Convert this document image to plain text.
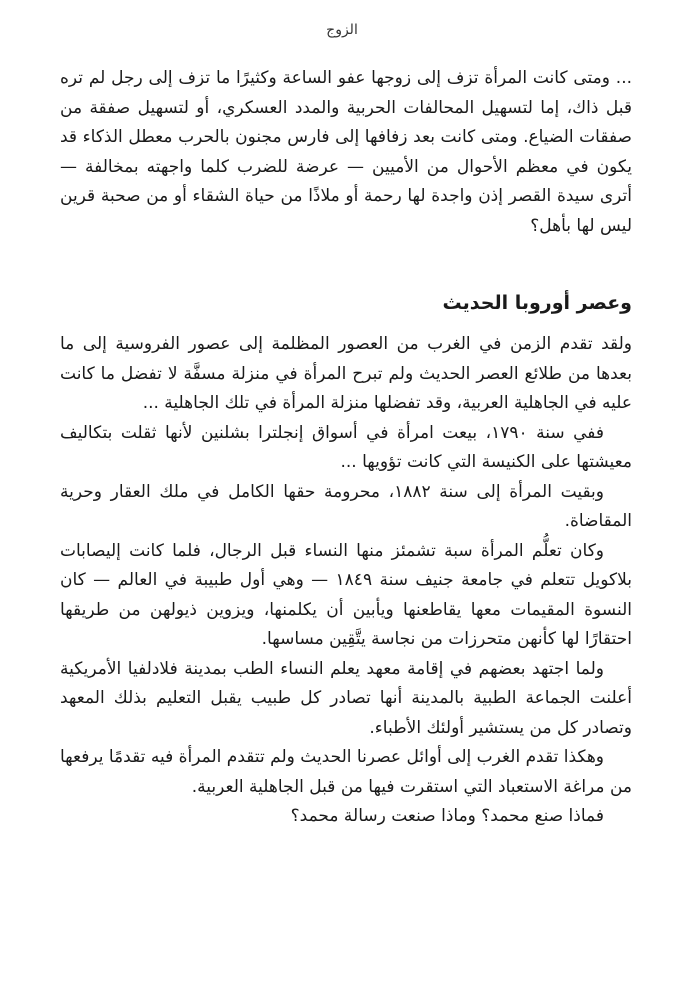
الزوج

... ومتى كانت المرأة تزف إلى زوجها عفو الساعة وكثيرًا ما تزف إلى رجل لم تره قبل ذاك، إما لتسهيل المحالفات الحربية والمدد العسكري، أو لتسهيل صفقة من صفقات الضياع. ومتى كانت بعد زفافها إلى فارس مجنون بالحرب معطل الذكاء قد يكون في معظم الأحوال من الأميين — عرضة للضرب كلما واجهته بمخالفة — أترى سيدة القصر إذن واجدة لها رحمة أو ملاذًا من حياة الشقاء أو من صحبة قرين ليس لها بأهل؟

وعصر أوروبا الحديث

ولقد تقدم الزمن في الغرب من العصور المظلمة إلى عصور الفروسية إلى ما بعدها من طلائع العصر الحديث ولم تبرح المرأة في منزلة مسفَّة لا تفضل ما كانت عليه في الجاهلية العربية، وقد تفضلها منزلة المرأة في تلك الجاهلية ...

ففي سنة ١٧٩٠، بيعت امرأة في أسواق إنجلترا بشلنين لأنها ثقلت بتكاليف معيشتها على الكنيسة التي كانت تؤويها ...

وبقيت المرأة إلى سنة ١٨٨٢، محرومة حقها الكامل في ملك العقار وحرية المقاضاة.

وكان تعلُّم المرأة سبة تشمئز منها النساء قبل الرجال، فلما كانت إليصابات بلاكويل تتعلم في جامعة جنيف سنة ١٨٤٩ — وهي أول طبيبة في العالم — كان النسوة المقيمات معها يقاطعنها ويأبين أن يكلمنها، ويزوين ذيولهن من طريقها احتقارًا لها كأنهن متحرزات من نجاسة يتَّقِين مساسها.

ولما اجتهد بعضهم في إقامة معهد يعلم النساء الطب بمدينة فلادلفيا الأمريكية أعلنت الجماعة الطبية بالمدينة أنها تصادر كل طبيب يقبل التعليم بذلك المعهد وتصادر كل من يستشير أولئك الأطباء.

وهكذا تقدم الغرب إلى أوائل عصرنا الحديث ولم تتقدم المرأة فيه تقدمًا يرفعها من مراغة الاستعباد التي استقرت فيها من قبل الجاهلية العربية.

فماذا صنع محمد؟ وماذا صنعت رسالة محمد؟
